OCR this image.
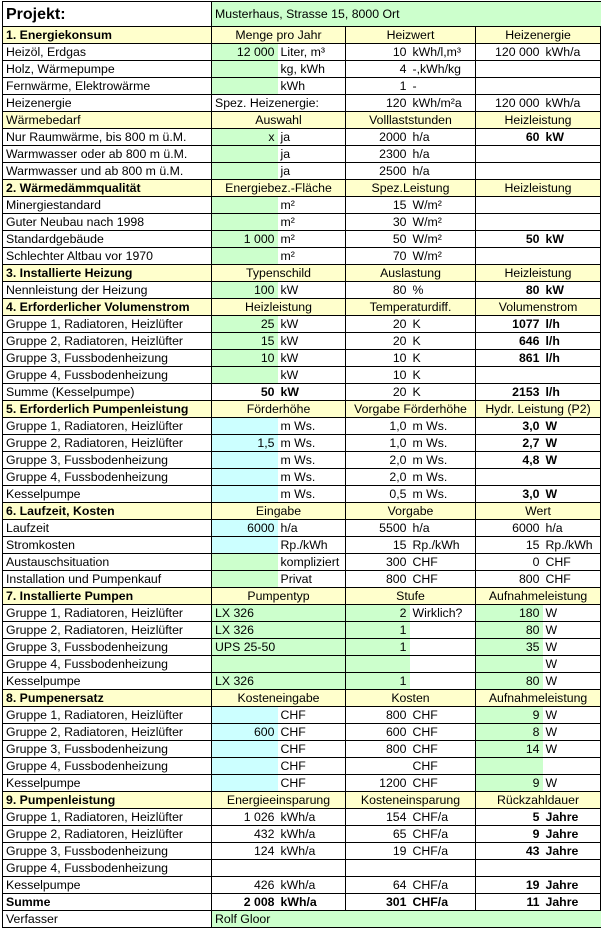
Projekt:	Musterhaus, Strasse 15, 8000 Ort					
1. Energiekonsum	Menge pro Jahr		Heizwert		Heizenergie	
Heizöl, Erdgas	12 000	Liter, m³	10	kWh/l,m³	120 000	kWh/a
Holz, Wärmepumpe		kg, kWh	4	-,kWh/kg		
Fernwärme, Elektrowärme		kWh	1	-		
Heizenergie	Spez. Heizenergie:		120	kWh/m²a	120 000	kWh/a
Wärmebedarf	Auswahl		Volllaststunden		Heizleistung	
Nur Raumwärme, bis 800 m ü.M.	x	ja	2000	h/a	60	kW
Warmwasser oder ab 800 m ü.M.		ja	2300	h/a		
Warmwasser und ab 800 m ü.M.		ja	2500	h/a		
2. Wärmedämmqualität	Energiebez.-Fläche		Spez.Leistung		Heizleistung	
Minergiestandard		m²	15	W/m²		
Guter Neubau nach 1998		m²	30	W/m²		
Standardgebäude	1 000	m²	50	W/m²	50	kW
Schlechter Altbau vor 1970		m²	70	W/m²		
3. Installierte Heizung	Typenschild		Auslastung		Heizleistung	
Nennleistung der Heizung	100	kW	80	%	80	kW
4. Erforderlicher Volumenstrom	Heizleistung		Temperaturdiff.		Volumenstrom	
Gruppe 1, Radiatoren, Heizlüfter	25	kW	20	K	1077	l/h
Gruppe 2, Radiatoren, Heizlüfter	15	kW	20	K	646	l/h
Gruppe 3, Fussbodenheizung	10	kW	10	K	861	l/h
Gruppe 4, Fussbodenheizung		kW	10	K		
Summe (Kesselpumpe)	50	kW	20	K	2153	l/h
5. Erforderlich Pumpenleistung	Förderhöhe		Vorgabe Förderhöhe		Hydr. Leistung (P2)	
Gruppe 1, Radiatoren, Heizlüfter		m Ws.	1,0	m Ws.	3,0	W
Gruppe 2, Radiatoren, Heizlüfter	1,5	m Ws.	1,0	m Ws.	2,7	W
Gruppe 3, Fussbodenheizung		m Ws.	2,0	m Ws.	4,8	W
Gruppe 4, Fussbodenheizung		m Ws.	2,0	m Ws.		
Kesselpumpe		m Ws.	0,5	m Ws.	3,0	W
6. Laufzeit, Kosten	Eingabe		Vorgabe		Wert	
Laufzeit	6000	h/a	5500	h/a	6000	h/a
Stromkosten		Rp./kWh	15	Rp./kWh	15	Rp./kWh
Austauschsituation		kompliziert	300	CHF	0	CHF
Installation und Pumpenkauf		Privat	800	CHF	800	CHF
7. Installierte Pumpen	Pumpentyp		Stufe		Aufnahmeleistung	
Gruppe 1, Radiatoren, Heizlüfter	LX 326		2	Wirklich?	180	W
Gruppe 2, Radiatoren, Heizlüfter	LX 326		1		80	W
Gruppe 3, Fussbodenheizung	UPS 25-50		1		35	W
Gruppe 4, Fussbodenheizung						W
Kesselpumpe	LX 326		1		80	W
8. Pumpenersatz	Kosteneingabe		Kosten		Aufnahmeleistung	
Gruppe 1, Radiatoren, Heizlüfter		CHF	800	CHF	9	W
Gruppe 2, Radiatoren, Heizlüfter	600	CHF	600	CHF	8	W
Gruppe 3, Fussbodenheizung		CHF	800	CHF	14	W
Gruppe 4, Fussbodenheizung		CHF		CHF		
Kesselpumpe		CHF	1200	CHF	9	W
9. Pumpenleistung	Energieeinsparung		Kosteneinsparung		Rückzahldauer	
Gruppe 1, Radiatoren, Heizlüfter	1 026	kWh/a	154	CHF/a	5	Jahre
Gruppe 2, Radiatoren, Heizlüfter	432	kWh/a	65	CHF/a	9	Jahre
Gruppe 3, Fussbodenheizung	124	kWh/a	19	CHF/a	43	Jahre
Gruppe 4, Fussbodenheizung						
Kesselpumpe	426	kWh/a	64	CHF/a	19	Jahre
Summe	2 008	kWh/a	301	CHF/a	11	Jahre
Verfasser	Rolf Gloor					
